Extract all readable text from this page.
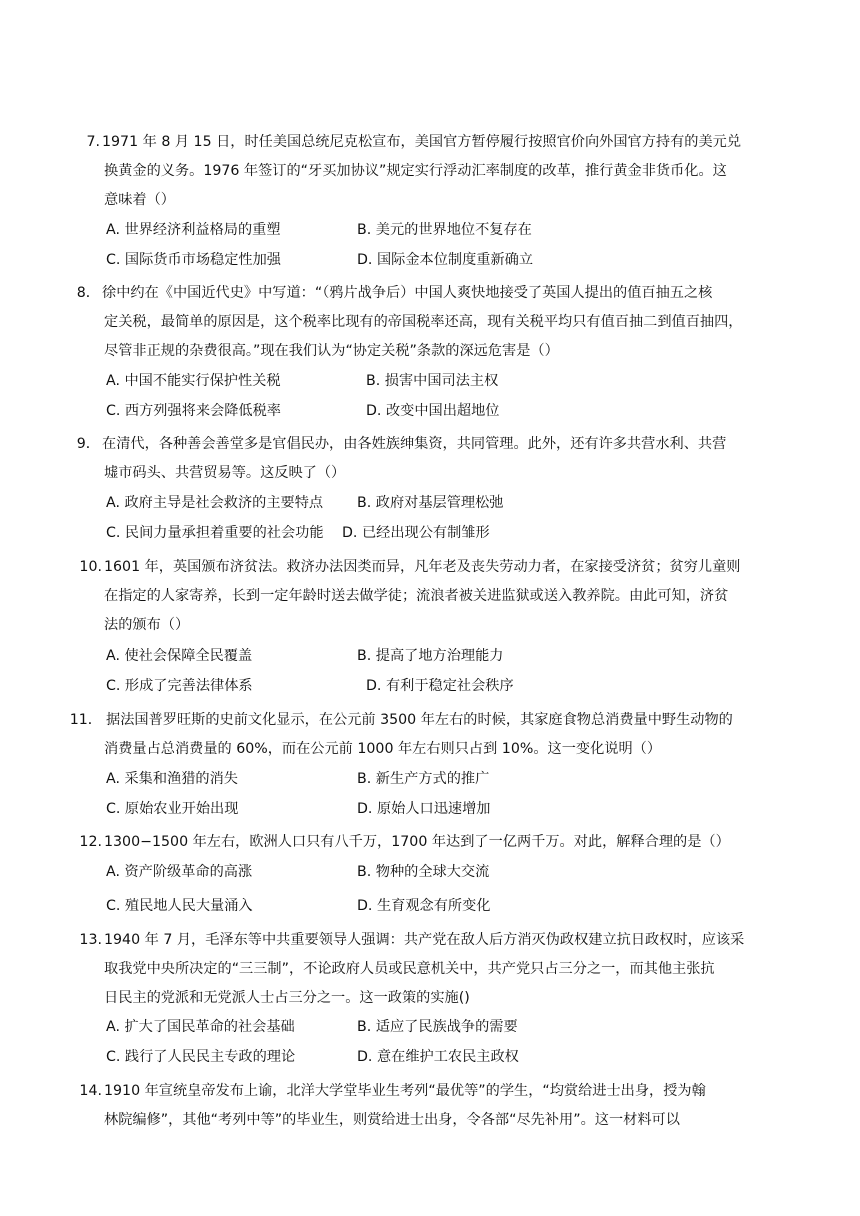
7. 1971 年 8 月 15 日，时任美国总统尼克松宣布，美国官方暂停履行按照官价向外国官方持有的美元兑
换黄金的义务。1976 年签订的“牙买加协议”规定实行浮动汇率制度的改革，推行黄金非货币化。这
意味着（）
A. 世界经济利益格局的重塑	B. 美元的世界地位不复存在
C. 国际货币市场稳定性加强	D. 国际金本位制度重新确立
8． 徐中约在《中国近代史》中写道：“（鸦片战争后）中国人爽快地接受了英国人提出的值百抽五之核
定关税，最简单的原因是，这个税率比现有的帝国税率还高，现有关税平均只有值百抽二到值百抽四，
尽管非正规的杂费很高。”现在我们认为“协定关税”条款的深远危害是（）
A. 中国不能实行保护性关税	B. 损害中国司法主权
C. 西方列强将来会降低税率	D. 改变中国出超地位
9． 在清代，各种善会善堂多是官倡民办，由各姓族绅集资，共同管理。此外，还有许多共营水利、共营
墟市码头、共营贸易等。这反映了（）
A. 政府主导是社会救济的主要特点 B. 政府对基层管理松弛
C. 民间力量承担着重要的社会功能 D. 已经出现公有制雏形
10. 1601 年，英国颁布济贫法。救济办法因类而异，凡年老及丧失劳动力者，在家接受济贫；贫穷儿童则
在指定的人家寄养，长到一定年龄时送去做学徒；流浪者被关进监狱或送入教养院。由此可知，济贫
法的颁布（）
A. 使社会保障全民覆盖	B. 提高了地方治理能力
C. 形成了完善法律体系	D. 有利于稳定社会秩序
11． 据法国普罗旺斯的史前文化显示，在公元前 3500 年左右的时候，其家庭食物总消费量中野生动物的
消费量占总消费量的 60%，而在公元前 1000 年左右则只占到 10%。这一变化说明（）
A. 采集和渔猎的消失	B. 新生产方式的推广
C. 原始农业开始出现	D. 原始人口迅速增加
12. 1300−1500 年左右，欧洲人口只有八千万，1700 年达到了一亿两千万。对此，解释合理的是（）
A. 资产阶级革命的高涨	B. 物种的全球大交流
C. 殖民地人民大量涌入	D. 生育观念有所变化
13. 1940 年 7 月，毛泽东等中共重要领导人强调：共产党在敌人后方消灭伪政权建立抗日政权时，应该采
取我党中央所决定的“三三制”，不论政府人员或民意机关中，共产党只占三分之一，而其他主张抗
日民主的党派和无党派人士占三分之一。这一政策的实施()
A. 扩大了国民革命的社会基础	B. 适应了民族战争的需要
C. 践行了人民民主专政的理论	D. 意在维护工农民主政权
14. 1910 年宣统皇帝发布上谕，北洋大学堂毕业生考列“最优等”的学生，“均赏给进士出身，授为翰
林院编修”，其他“考列中等”的毕业生，则赏给进士出身，令各部“尽先补用”。这一材料可以
